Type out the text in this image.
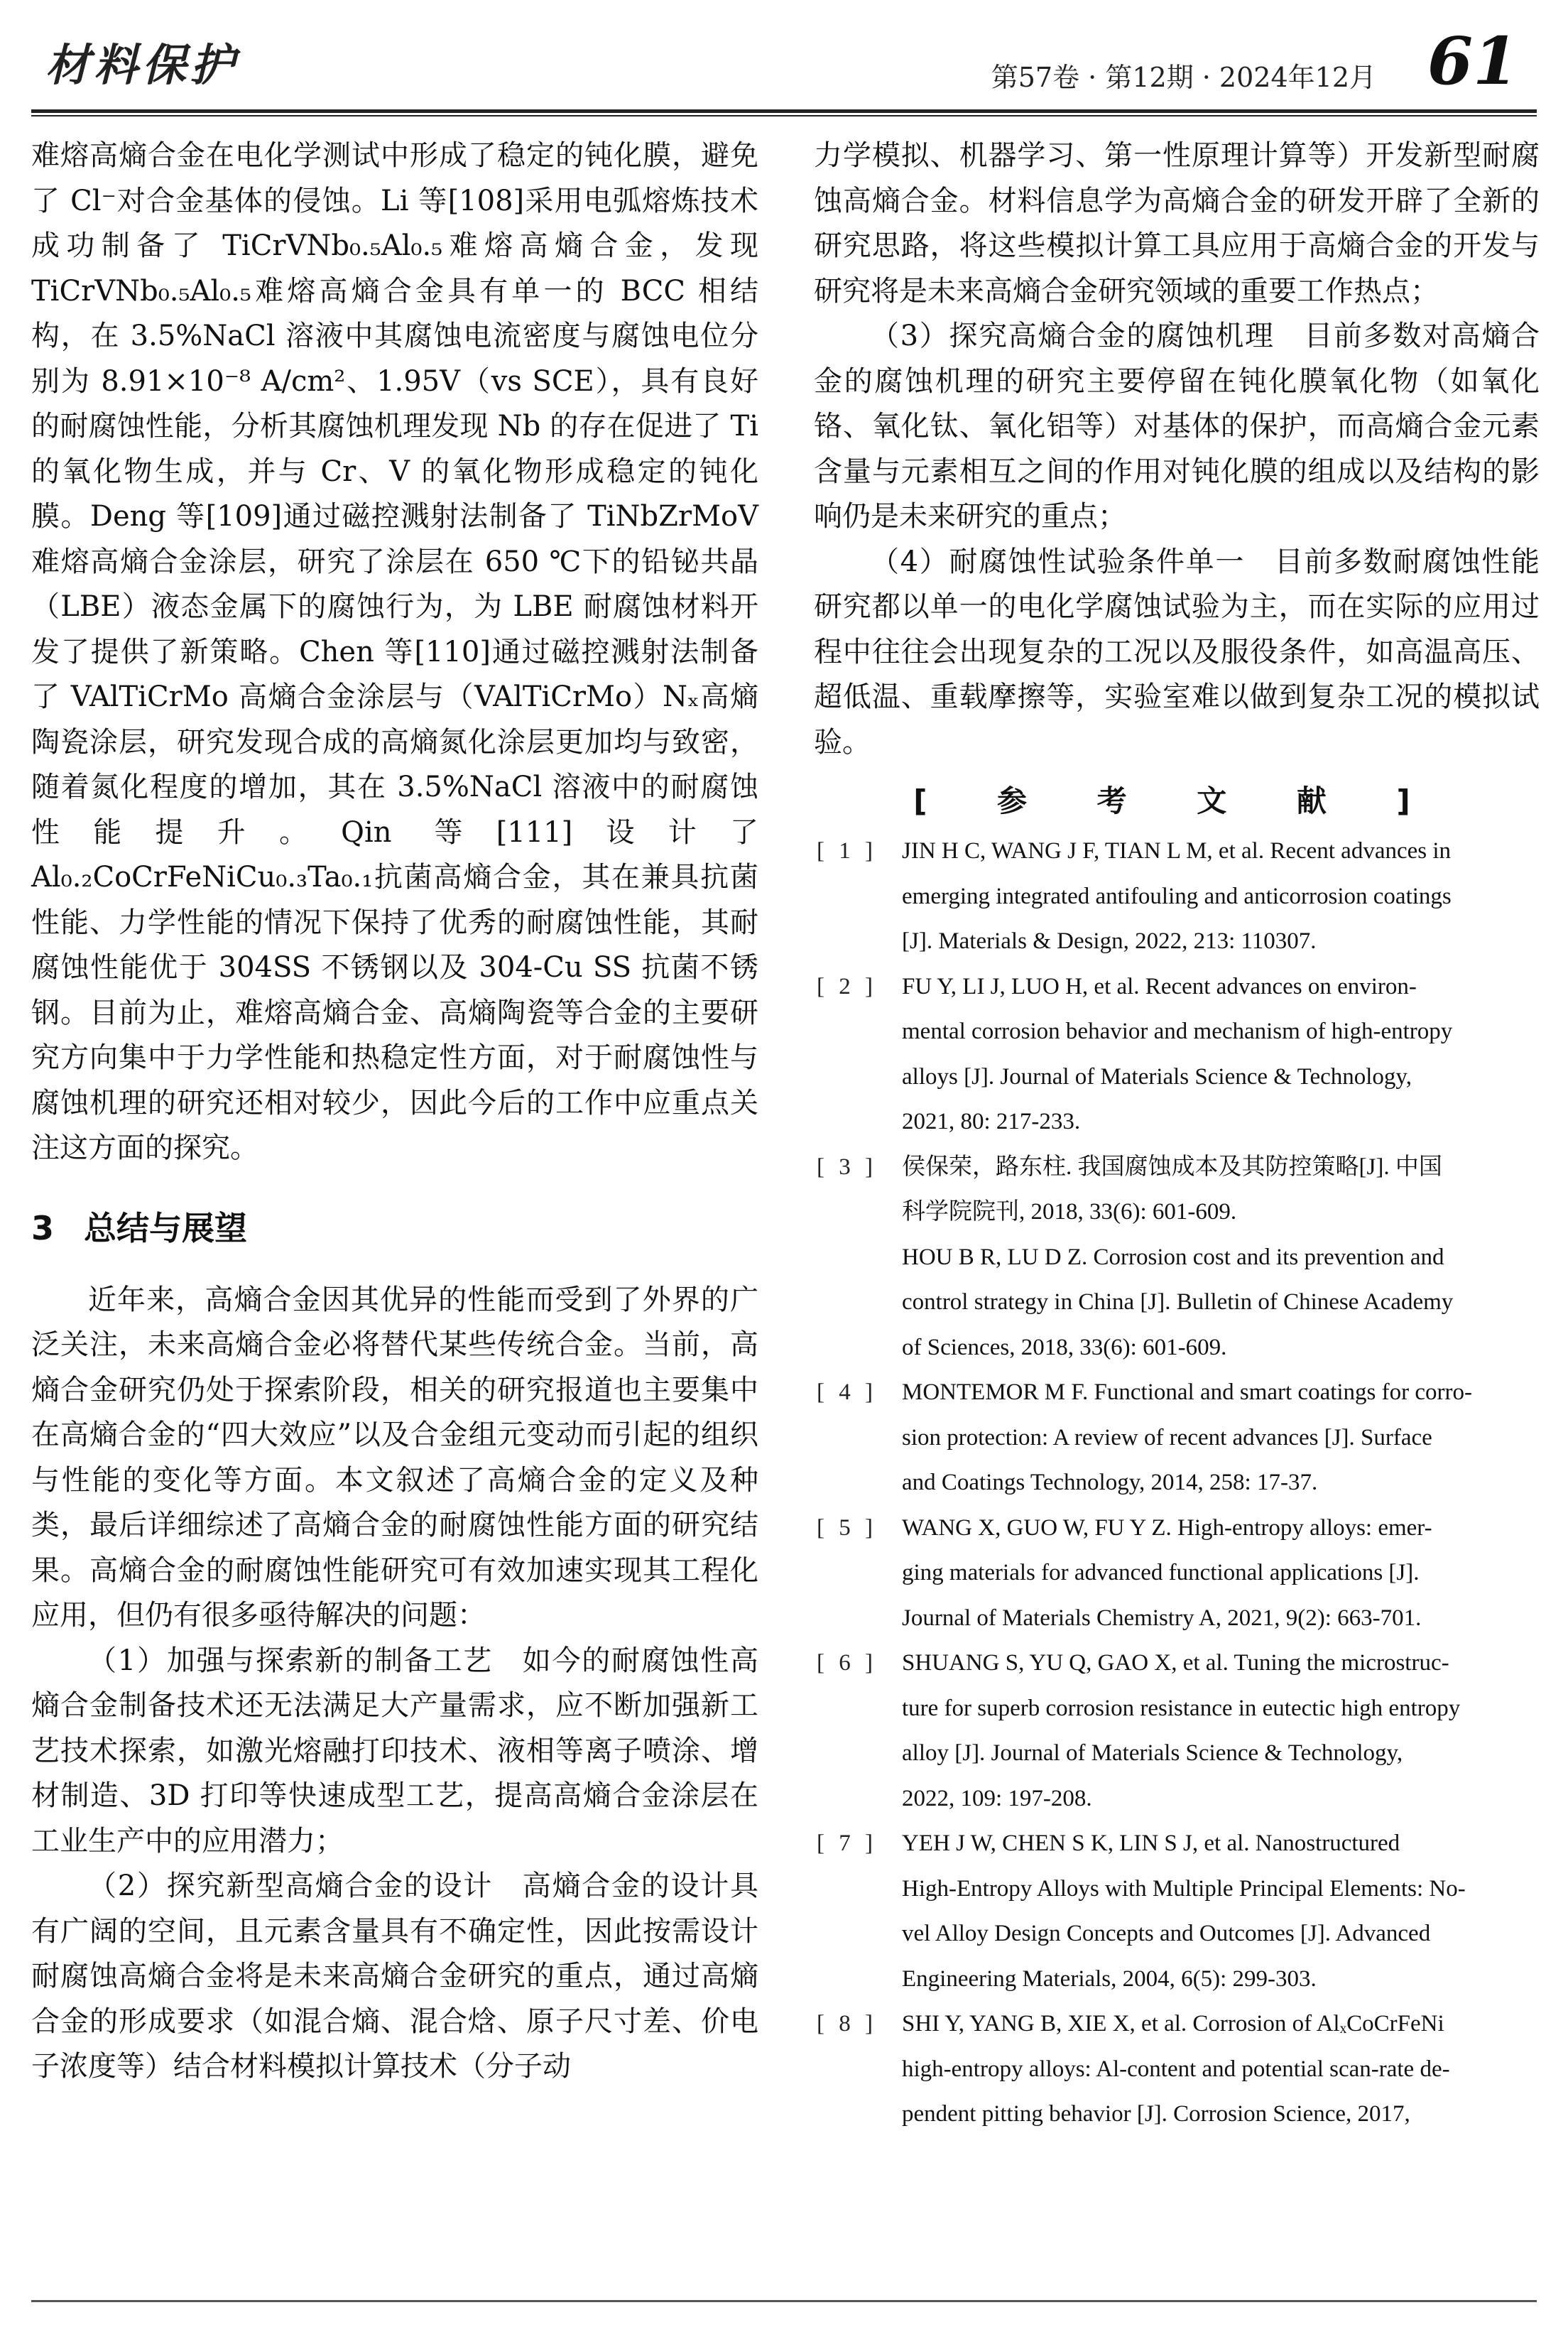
材料保护	第57卷 · 第12期 · 2024年12月 61

难熔高熵合金在电化学测试中形成了稳定的钝化膜，避免了 Cl⁻对合金基体的侵蚀。Li 等[108]采用电弧熔炼技术成功制备了 TiCrVNb₀.₅Al₀.₅难熔高熵合金，发现 TiCrVNb₀.₅Al₀.₅难熔高熵合金具有单一的 BCC 相结构，在 3.5%NaCl 溶液中其腐蚀电流密度与腐蚀电位分别为 8.91×10⁻⁸ A/cm²、1.95V（vs SCE），具有良好的耐腐蚀性能，分析其腐蚀机理发现 Nb 的存在促进了 Ti 的氧化物生成，并与 Cr、V 的氧化物形成稳定的钝化膜。Deng 等[109]通过磁控溅射法制备了 TiNbZrMoV 难熔高熵合金涂层，研究了涂层在 650 ℃下的铅铋共晶（LBE）液态金属下的腐蚀行为，为 LBE 耐腐蚀材料开发了提供了新策略。Chen 等[110]通过磁控溅射法制备了 VAlTiCrMo 高熵合金涂层与（VAlTiCrMo）Nₓ高熵陶瓷涂层，研究发现合成的高熵氮化涂层更加均与致密，随着氮化程度的增加，其在 3.5%NaCl 溶液中的耐腐蚀性能提升。Qin 等[111]设计了 Al₀.₂CoCrFeNiCu₀.₃Ta₀.₁抗菌高熵合金，其在兼具抗菌性能、力学性能的情况下保持了优秀的耐腐蚀性能，其耐腐蚀性能优于 304SS 不锈钢以及 304-Cu SS 抗菌不锈钢。目前为止，难熔高熵合金、高熵陶瓷等合金的主要研究方向集中于力学性能和热稳定性方面，对于耐腐蚀性与腐蚀机理的研究还相对较少，因此今后的工作中应重点关注这方面的探究。

3 总结与展望

近年来，高熵合金因其优异的性能而受到了外界的广泛关注，未来高熵合金必将替代某些传统合金。当前，高熵合金研究仍处于探索阶段，相关的研究报道也主要集中在高熵合金的“四大效应”以及合金组元变动而引起的组织与性能的变化等方面。本文叙述了高熵合金的定义及种类，最后详细综述了高熵合金的耐腐蚀性能方面的研究结果。高熵合金的耐腐蚀性能研究可有效加速实现其工程化应用，但仍有很多亟待解决的问题：

（1）加强与探索新的制备工艺　如今的耐腐蚀性高熵合金制备技术还无法满足大产量需求，应不断加强新工艺技术探索，如激光熔融打印技术、液相等离子喷涂、增材制造、3D 打印等快速成型工艺，提高高熵合金涂层在工业生产中的应用潜力；

（2）探究新型高熵合金的设计　高熵合金的设计具有广阔的空间，且元素含量具有不确定性，因此按需设计耐腐蚀高熵合金将是未来高熵合金研究的重点，通过高熵合金的形成要求（如混合熵、混合焓、原子尺寸差、价电子浓度等）结合材料模拟计算技术（分子动

力学模拟、机器学习、第一性原理计算等）开发新型耐腐蚀高熵合金。材料信息学为高熵合金的研发开辟了全新的研究思路，将这些模拟计算工具应用于高熵合金的开发与研究将是未来高熵合金研究领域的重要工作热点；

（3）探究高熵合金的腐蚀机理　目前多数对高熵合金的腐蚀机理的研究主要停留在钝化膜氧化物（如氧化铬、氧化钛、氧化铝等）对基体的保护，而高熵合金元素含量与元素相互之间的作用对钝化膜的组成以及结构的影响仍是未来研究的重点；

（4）耐腐蚀性试验条件单一　目前多数耐腐蚀性能研究都以单一的电化学腐蚀试验为主，而在实际的应用过程中往往会出现复杂的工况以及服役条件，如高温高压、超低温、重载摩擦等，实验室难以做到复杂工况的模拟试验。

[ 参 考 文 献 ]
[ 1 ]	JIN H C, WANG J F, TIAN L M, et al. Recent advances in
emerging integrated antifouling and anticorrosion coatings
[J]. Materials & Design, 2022, 213: 110307.
[ 2 ]	FU Y, LI J, LUO H, et al. Recent advances on environ-
mental corrosion behavior and mechanism of high-entropy
alloys [J]. Journal of Materials Science & Technology,
2021, 80: 217-233.
[ 3 ]	侯保荣，路东柱. 我国腐蚀成本及其防控策略[J]. 中国
科学院院刊, 2018, 33(6): 601-609.
HOU B R, LU D Z. Corrosion cost and its prevention and
control strategy in China [J]. Bulletin of Chinese Academy
of Sciences, 2018, 33(6): 601-609.
[ 4 ]	MONTEMOR M F. Functional and smart coatings for corro-
sion protection: A review of recent advances [J]. Surface
and Coatings Technology, 2014, 258: 17-37.
[ 5 ]	WANG X, GUO W, FU Y Z. High-entropy alloys: emer-
ging materials for advanced functional applications [J].
Journal of Materials Chemistry A, 2021, 9(2): 663-701.
[ 6 ]	SHUANG S, YU Q, GAO X, et al. Tuning the microstruc-
ture for superb corrosion resistance in eutectic high entropy
alloy [J]. Journal of Materials Science & Technology,
2022, 109: 197-208.
[ 7 ]	YEH J W, CHEN S K, LIN S J, et al. Nanostructured
High-Entropy Alloys with Multiple Principal Elements: No-
vel Alloy Design Concepts and Outcomes [J]. Advanced
Engineering Materials, 2004, 6(5): 299-303.
[ 8 ]	SHI Y, YANG B, XIE X, et al. Corrosion of AlₓCoCrFeNi
high-entropy alloys: Al-content and potential scan-rate de-
pendent pitting behavior [J]. Corrosion Science, 2017,
